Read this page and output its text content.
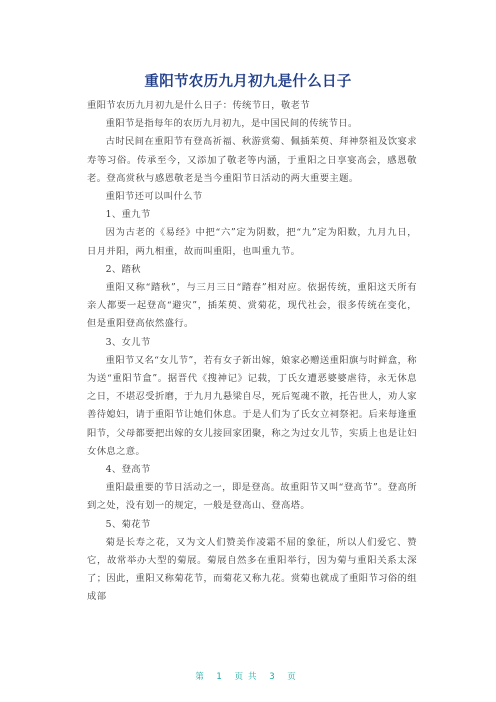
重阳节农历九月初九是什么日子

重阳节农历九月初九是什么日子：传统节日，敬老节

重阳节是指每年的农历九月初九，是中国民间的传统节日。

古时民间在重阳节有登高祈福、秋游赏菊、佩插茱萸、拜神祭祖及饮宴求寿等习俗。传承至今，又添加了敬老等内涵，于重阳之日享宴高会，感恩敬老。登高赏秋与感恩敬老是当今重阳节日活动的两大重要主题。

重阳节还可以叫什么节

1、重九节

因为古老的《易经》中把“六”定为阴数，把“九”定为阳数，九月九日，日月并阳，两九相重，故而叫重阳，也叫重九节。

2、踏秋

重阳又称“踏秋”，与三月三日“踏春”相对应。依据传统，重阳这天所有亲人都要一起登高“避灾”，插茱萸、赏菊花，现代社会，很多传统在变化，但是重阳登高依然盛行。

3、女儿节

重阳节又名“女儿节”，若有女子新出嫁，娘家必赠送重阳旗与时鲜盒，称为送“重阳节盒”。据晋代《搜神记》记载，丁氏女遭恶婆婆虐待，永无休息之日，不堪忍受折磨，于九月九悬梁自尽，死后冤魂不散，托告世人，劝人家善待媳妇，请于重阳节让她们休息。于是人们为了氏女立祠祭祀。后来每逢重阳节，父母都要把出嫁的女儿接回家团聚，称之为过女儿节，实质上也是让妇女休息之意。

4、登高节

重阳最重要的节日活动之一，即是登高。故重阳节又叫“登高节”。登高所到之处，没有划一的规定，一般是登高山、登高塔。

5、菊花节

菊是长寿之花，又为文人们赞美作凌霜不屈的象征，所以人们爱它、赞它，故常举办大型的菊展。菊展自然多在重阳举行，因为菊与重阳关系太深了；因此，重阳又称菊花节，而菊花又称九花。赏菊也就成了重阳节习俗的组成部

第 1 页共 3 页
